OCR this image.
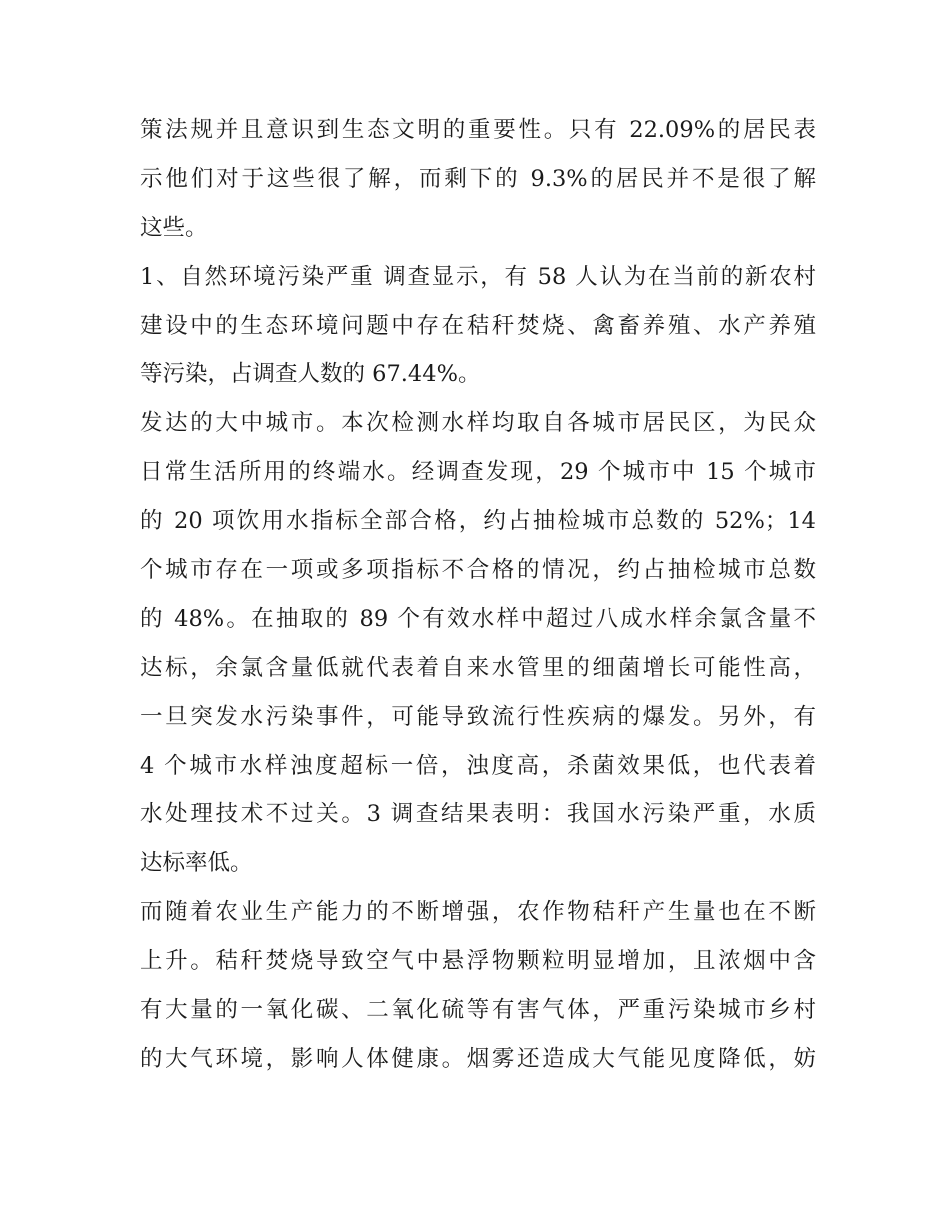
策法规并且意识到生态文明的重要性。只有 22.09%的居民表
示他们对于这些很了解，而剩下的 9.3%的居民并不是很了解
这些。
1、自然环境污染严重 调查显示，有 58 人认为在当前的新农村
建设中的生态环境问题中存在秸秆焚烧、禽畜养殖、水产养殖
等污染，占调查人数的 67.44%。
发达的大中城市。本次检测水样均取自各城市居民区，为民众
日常生活所用的终端水。经调查发现，29 个城市中 15 个城市
的 20 项饮用水指标全部合格，约占抽检城市总数的 52%；14
个城市存在一项或多项指标不合格的情况，约占抽检城市总数
的 48%。在抽取的 89 个有效水样中超过八成水样余氯含量不
达标，余氯含量低就代表着自来水管里的细菌增长可能性高，
一旦突发水污染事件，可能导致流行性疾病的爆发。另外，有
4 个城市水样浊度超标一倍，浊度高，杀菌效果低，也代表着
水处理技术不过关。3 调查结果表明：我国水污染严重，水质
达标率低。
而随着农业生产能力的不断增强，农作物秸秆产生量也在不断
上升。秸秆焚烧导致空气中悬浮物颗粒明显增加，且浓烟中含
有大量的一氧化碳、二氧化硫等有害气体，严重污染城市乡村
的大气环境，影响人体健康。烟雾还造成大气能见度降低，妨
